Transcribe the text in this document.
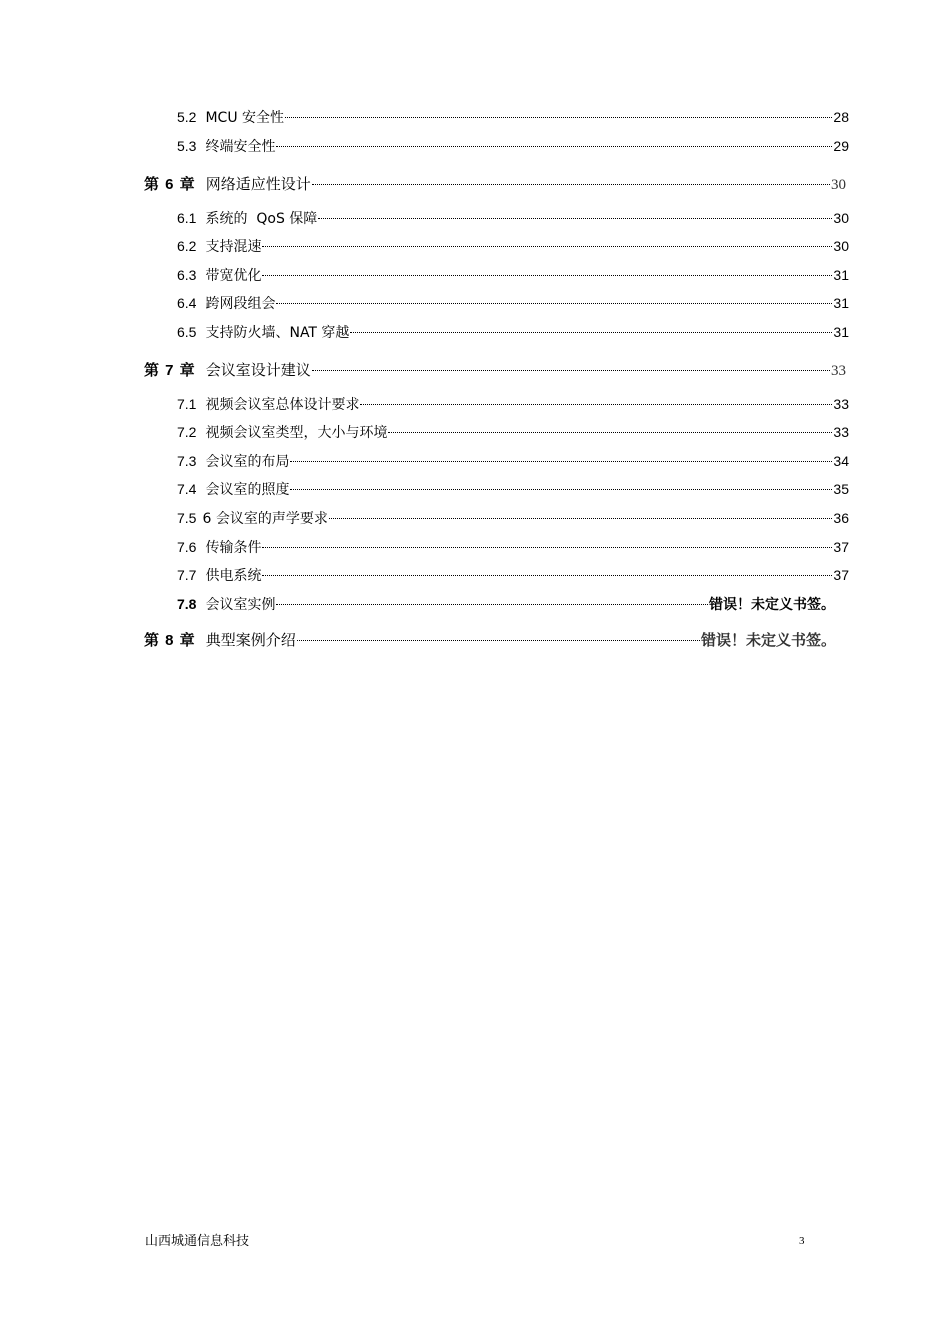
5.2 MCU 安全性	28
5.3 终端安全性	29
第 6 章 网络适应性设计	30
6.1 系统的  QoS 保障	30
6.2 支持混速	30
6.3 带宽优化	31
6.4 跨网段组会	31
6.5 支持防火墙、NAT 穿越	31
第 7 章 会议室设计建议	33
7.1 视频会议室总体设计要求	33
7.2 视频会议室类型，大小与环境	33
7.3 会议室的布局	34
7.4 会议室的照度	35
7.5 6 会议室的声学要求	36
7.6 传输条件	37
7.7 供电系统	37
7.8 会议室实例	错误！未定义书签。
第 8 章 典型案例介绍	错误！未定义书签。
山西城通信息科技	3
